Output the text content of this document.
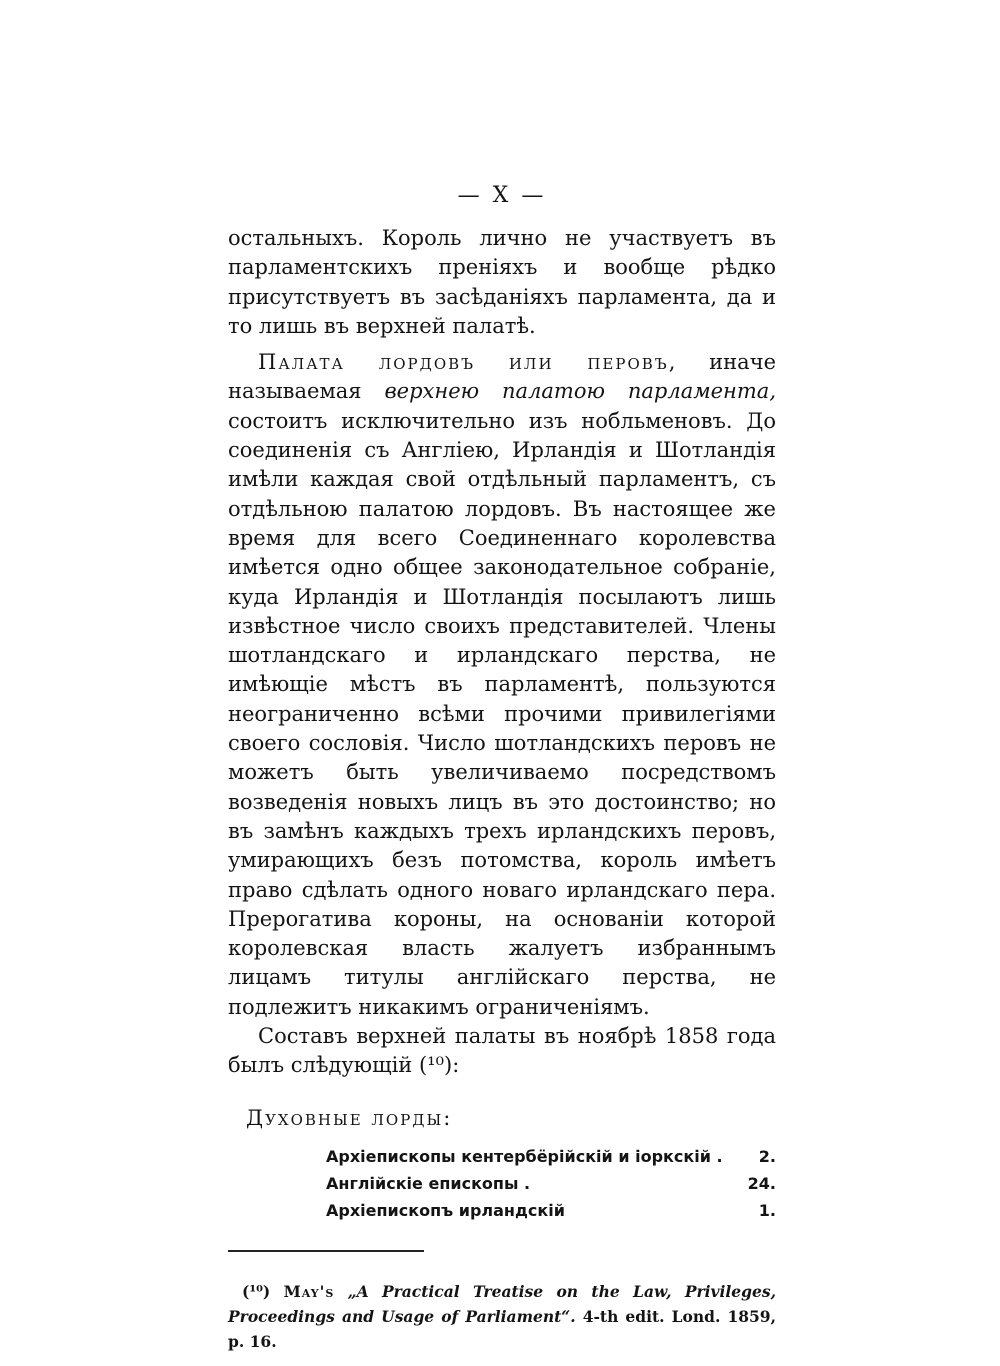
— X —

остальныхъ. Король лично не участвуетъ въ парламентскихъ преніяхъ и вообще рѣдко присутствуетъ въ засѣданіяхъ парламента, да и то лишь въ верхней палатѣ.

Палата лордовъ или перовъ, иначе называемая верхнею палатою парламента, состоитъ исключительно изъ нобльменовъ. До соединенія съ Англіею, Ирландія и Шотландія имѣли каждая свой отдѣльный парламентъ, съ отдѣльною палатою лордовъ. Въ настоящее же время для всего Соединеннаго королевства имѣется одно общее законодательное собраніе, куда Ирландія и Шотландія посылаютъ лишь извѣстное число своихъ представителей. Члены шотландскаго и ирландскаго перства, не имѣющіе мѣстъ въ парламентѣ, пользуются неограниченно всѣми прочими привилегіями своего сословія. Число шотландскихъ перовъ не можетъ быть увеличиваемо посредствомъ возведенія новыхъ лицъ въ это достоинство; но въ замѣнъ каждыхъ трехъ ирландскихъ перовъ, умирающихъ безъ потомства, король имѣетъ право сдѣлать одного новаго ирландскаго пера. Прерогатива короны, на основаніи которой королевская власть жалуетъ избраннымъ лицамъ титулы англійскаго перства, не подлежитъ никакимъ ограниченіямъ.

Составъ верхней палаты въ ноябрѣ 1858 года былъ слѣдующій (¹⁰):

Духовные лорды:
Архіепископы кентербёрійскій и іоркскій .	2.
Англійскіе епископы .	24.
Архіепископъ ирландскій	1.
(¹⁰) May's „A Practical Treatise on the Law, Privileges, Proceedings and Usage of Parliament“. 4-th edit. Lond. 1859, p. 16.
